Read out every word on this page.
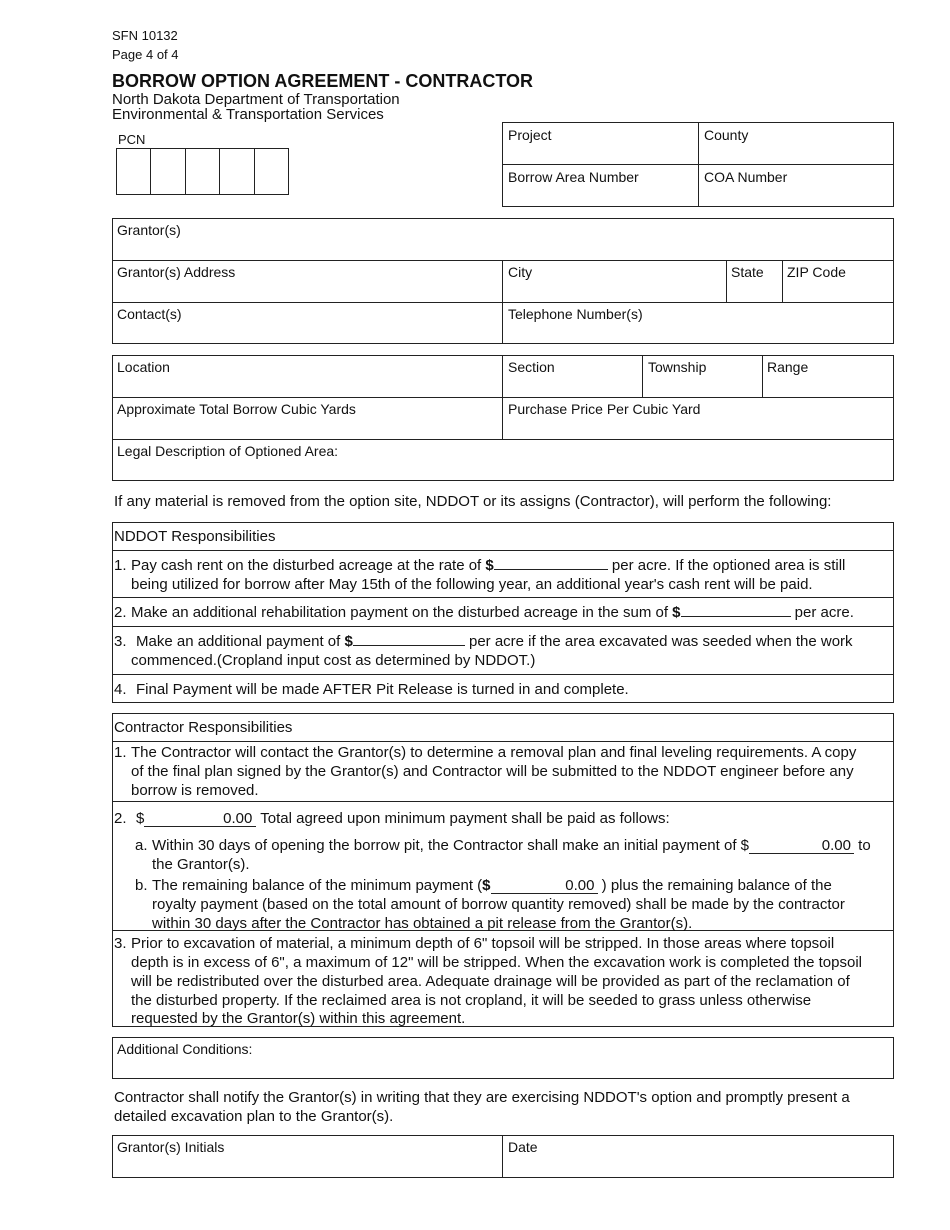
SFN 10132
Page 4 of 4
BORROW OPTION AGREEMENT - CONTRACTOR
North Dakota Department of Transportation
Environmental & Transportation Services
PCN	Project	County
Borrow Area Number	COA Number
Grantor(s)
Grantor(s) Address	City	State ZIP Code
Contact(s)	Telephone Number(s)
Location	Section	Township	Range
Approximate Total Borrow Cubic Yards	Purchase Price Per Cubic Yard
Legal Description of Optioned Area:
If any material is removed from the option site, NDDOT or its assigns (Contractor), will perform the following:
NDDOT Responsibilities
1. Pay cash rent on the disturbed acreage at the rate of $	per acre. If the optioned area is still
being utilized for borrow after May 15th of the following year, an additional year's cash rent will be paid.
2. Make an additional rehabilitation payment on the disturbed acreage in the sum of $	per acre.
3. Make an additional payment of $	per acre if the area excavated was seeded when the work
commenced.(Cropland input cost as determined by NDDOT.)
4. Final Payment will be made AFTER Pit Release is turned in and complete.
Contractor Responsibilities
1. The Contractor will contact the Grantor(s) to determine a removal plan and final leveling requirements. A copy
of the final plan signed by the Grantor(s) and Contractor will be submitted to the NDDOT engineer before any
borrow is removed.
2. $	0.00 Total agreed upon minimum payment shall be paid as follows:
a. Within 30 days of opening the borrow pit, the Contractor shall make an initial payment of $	0.00 to
the Grantor(s).
b. The remaining balance of the minimum payment ($	0.00 ) plus the remaining balance of the
royalty payment (based on the total amount of borrow quantity removed) shall be made by the contractor
within 30 days after the Contractor has obtained a pit release from the Grantor(s).
3. Prior to excavation of material, a minimum depth of 6" topsoil will be stripped. In those areas where topsoil
depth is in excess of 6", a maximum of 12" will be stripped. When the excavation work is completed the topsoil
will be redistributed over the disturbed area. Adequate drainage will be provided as part of the reclamation of
the disturbed property. If the reclaimed area is not cropland, it will be seeded to grass unless otherwise
requested by the Grantor(s) within this agreement.
Additional Conditions:
Contractor shall notify the Grantor(s) in writing that they are exercising NDDOT's option and promptly present a
detailed excavation plan to the Grantor(s).
Grantor(s) Initials	Date
